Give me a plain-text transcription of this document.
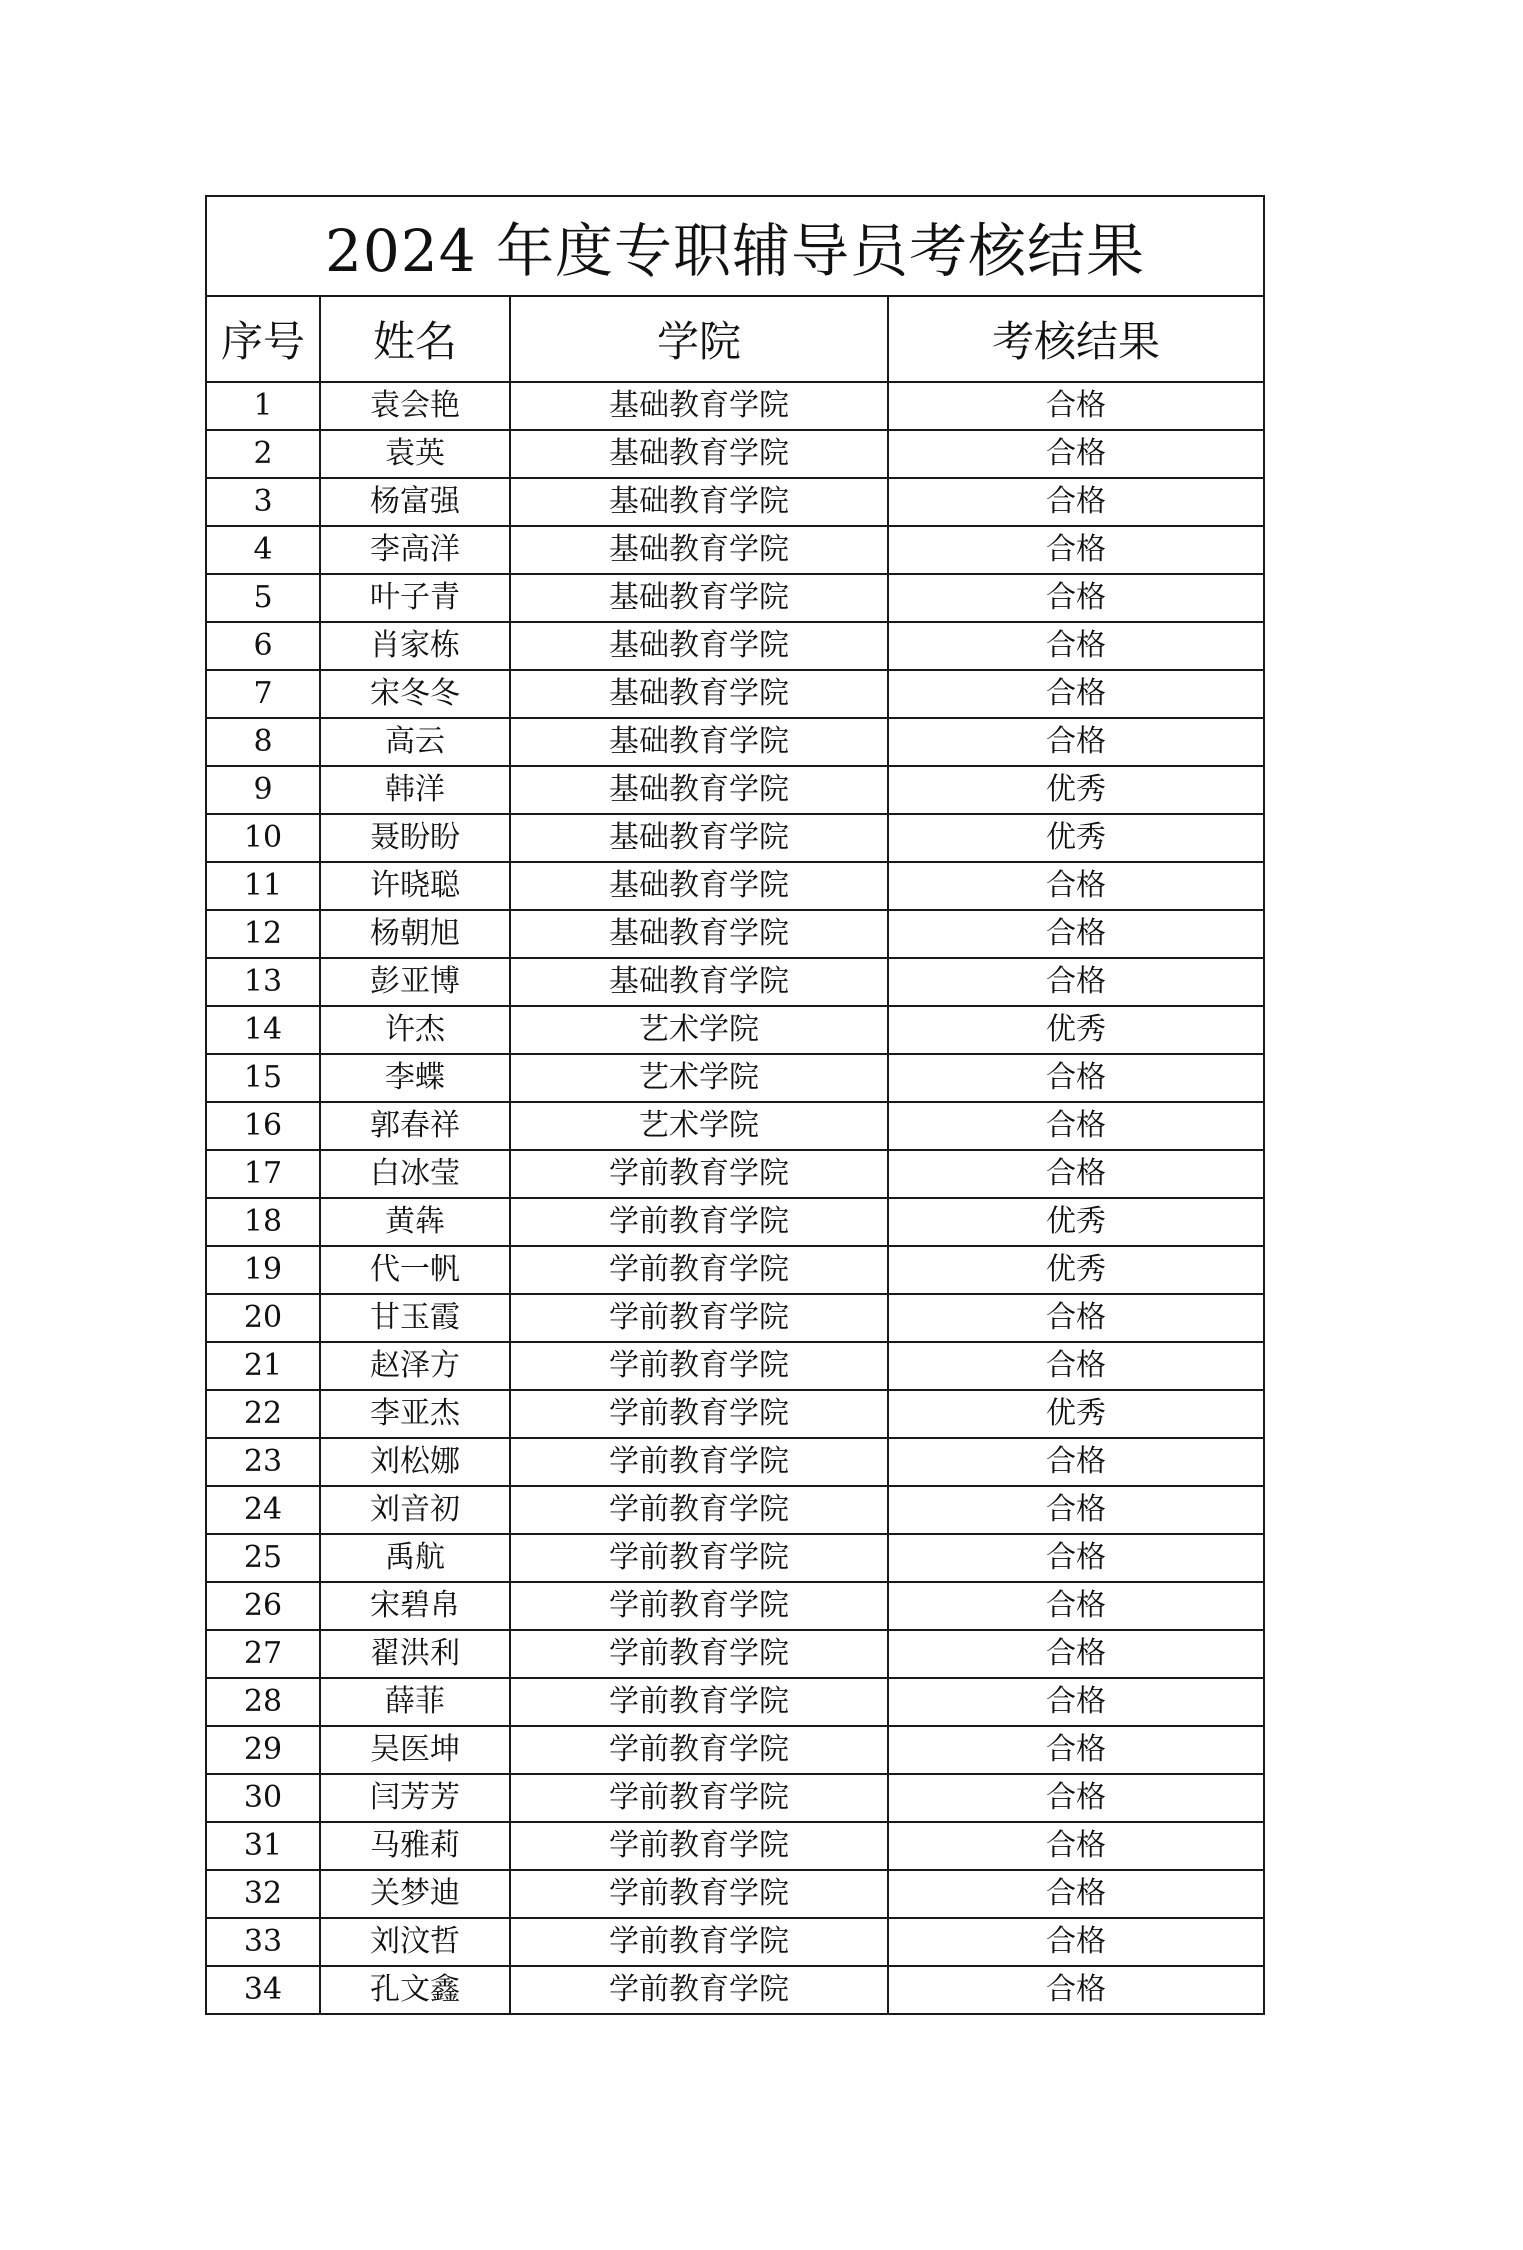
2024 年度专职辅导员考核结果			
序号	姓名	学院	考核结果
1	袁会艳	基础教育学院	合格
2	袁英	基础教育学院	合格
3	杨富强	基础教育学院	合格
4	李高洋	基础教育学院	合格
5	叶子青	基础教育学院	合格
6	肖家栋	基础教育学院	合格
7	宋冬冬	基础教育学院	合格
8	高云	基础教育学院	合格
9	韩洋	基础教育学院	优秀
10	聂盼盼	基础教育学院	优秀
11	许晓聪	基础教育学院	合格
12	杨朝旭	基础教育学院	合格
13	彭亚博	基础教育学院	合格
14	许杰	艺术学院	优秀
15	李蝶	艺术学院	合格
16	郭春祥	艺术学院	合格
17	白冰莹	学前教育学院	合格
18	黄犇	学前教育学院	优秀
19	代一帆	学前教育学院	优秀
20	甘玉霞	学前教育学院	合格
21	赵泽方	学前教育学院	合格
22	李亚杰	学前教育学院	优秀
23	刘松娜	学前教育学院	合格
24	刘音初	学前教育学院	合格
25	禹航	学前教育学院	合格
26	宋碧帛	学前教育学院	合格
27	翟洪利	学前教育学院	合格
28	薛菲	学前教育学院	合格
29	吴医坤	学前教育学院	合格
30	闫芳芳	学前教育学院	合格
31	马雅莉	学前教育学院	合格
32	关梦迪	学前教育学院	合格
33	刘汶哲	学前教育学院	合格
34	孔文鑫	学前教育学院	合格
